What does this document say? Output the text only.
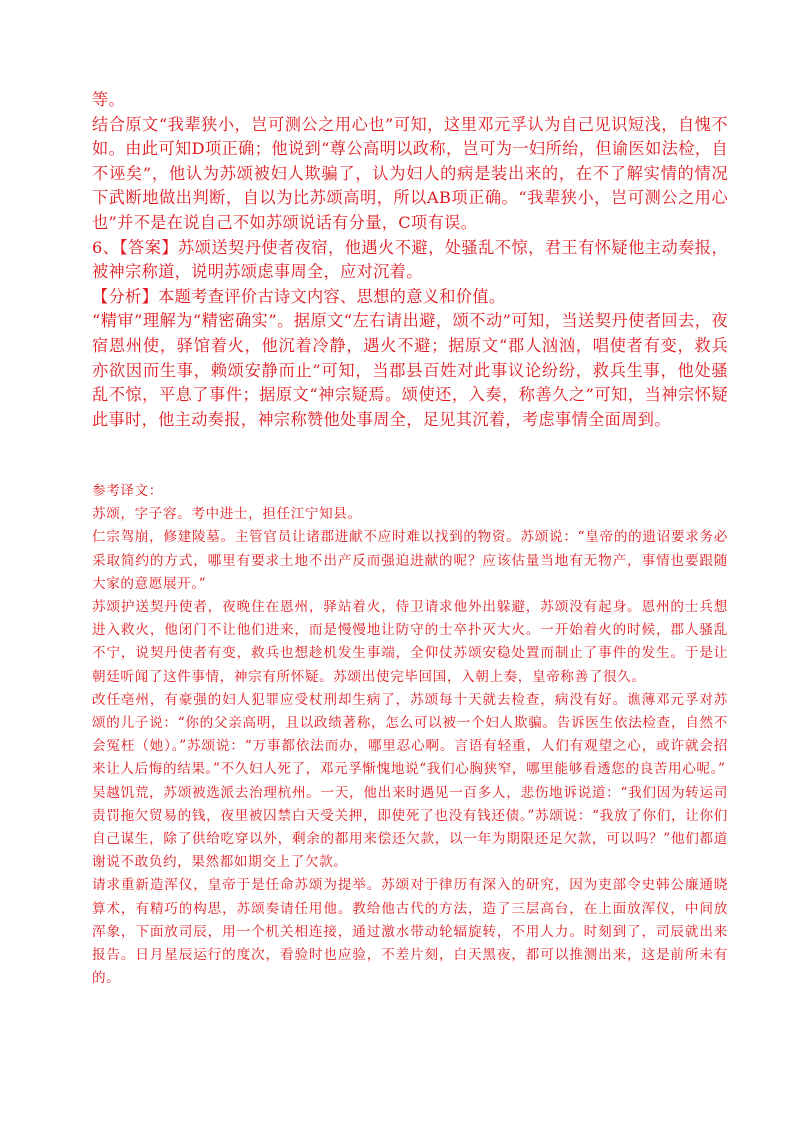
等。

结合原文“我辈狭小，岂可测公之用心也”可知，这里邓元孚认为自己见识短浅，自愧不如。由此可知D项正确；他说到“尊公高明以政称，岂可为一妇所绐，但谕医如法检，自不诬矣”，他认为苏颂被妇人欺骗了，认为妇人的病是装出来的，在不了解实情的情况下武断地做出判断，自以为比苏颂高明，所以AB项正确。“我辈狭小，岂可测公之用心也”并不是在说自己不如苏颂说话有分量，C项有误。

6、【答案】苏颂送契丹使者夜宿，他遇火不避，处骚乱不惊，君王有怀疑他主动奏报，被神宗称道，说明苏颂虑事周全，应对沉着。

【分析】本题考查评价古诗文内容、思想的意义和价值。

“精审”理解为“精密确实”。据原文“左右请出避，颂不动”可知，当送契丹使者回去，夜宿恩州使，驿馆着火，他沉着冷静，遇火不避；据原文“郡人汹汹，唱使者有变，救兵亦欲因而生事，赖颂安静而止”可知，当郡县百姓对此事议论纷纷，救兵生事，他处骚乱不惊，平息了事件；据原文“神宗疑焉。颂使还，入奏，称善久之”可知，当神宗怀疑此事时，他主动奏报，神宗称赞他处事周全，足见其沉着，考虑事情全面周到。

参考译文：

苏颂，字子容。考中进士，担任江宁知县。

仁宗驾崩，修建陵墓。主管官员让诸郡进献不应时难以找到的物资。苏颂说：“皇帝的的遗诏要求务必采取简约的方式，哪里有要求土地不出产反而强迫进献的呢？应该估量当地有无物产，事情也要跟随大家的意愿展开。”

苏颂护送契丹使者，夜晚住在恩州，驿站着火，侍卫请求他外出躲避，苏颂没有起身。恩州的士兵想进入救火，他闭门不让他们进来，而是慢慢地让防守的士卒扑灭大火。一开始着火的时候，郡人骚乱不宁，说契丹使者有变，救兵也想趁机发生事端，全仰仗苏颂安稳处置而制止了事件的发生。于是让朝廷听闻了这件事情，神宗有所怀疑。苏颂出使完毕回国，入朝上奏，皇帝称善了很久。

改任亳州，有豪强的妇人犯罪应受杖刑却生病了，苏颂每十天就去检查，病没有好。谯薄邓元孚对苏颂的儿子说：“你的父亲高明，且以政绩著称，怎么可以被一个妇人欺骗。告诉医生依法检查，自然不会冤枉（她）。”苏颂说：“万事都依法而办，哪里忍心啊。言语有轻重，人们有观望之心，或许就会招来让人后悔的结果。”不久妇人死了，邓元孚惭愧地说“我们心胸狭窄，哪里能够看透您的良苦用心呢。”

吴越饥荒，苏颂被选派去治理杭州。一天，他出来时遇见一百多人，悲伤地诉说道：“我们因为转运司责罚拖欠贸易的钱，夜里被囚禁白天受关押，即使死了也没有钱还债。”苏颂说：“我放了你们，让你们自己谋生，除了供给吃穿以外，剩余的都用来偿还欠款，以一年为期限还足欠款，可以吗？”他们都道谢说不敢负约，果然都如期交上了欠款。

请求重新造浑仪，皇帝于是任命苏颂为提举。苏颂对于律历有深入的研究，因为吏部令史韩公廉通晓算术，有精巧的构思，苏颂奏请任用他。教给他古代的方法，造了三层高台，在上面放浑仪，中间放浑象，下面放司辰，用一个机关相连接，通过激水带动轮辐旋转，不用人力。时刻到了，司辰就出来报告。日月星辰运行的度次，看验时也应验，不差片刻，白天黑夜，都可以推测出来，这是前所未有的。
